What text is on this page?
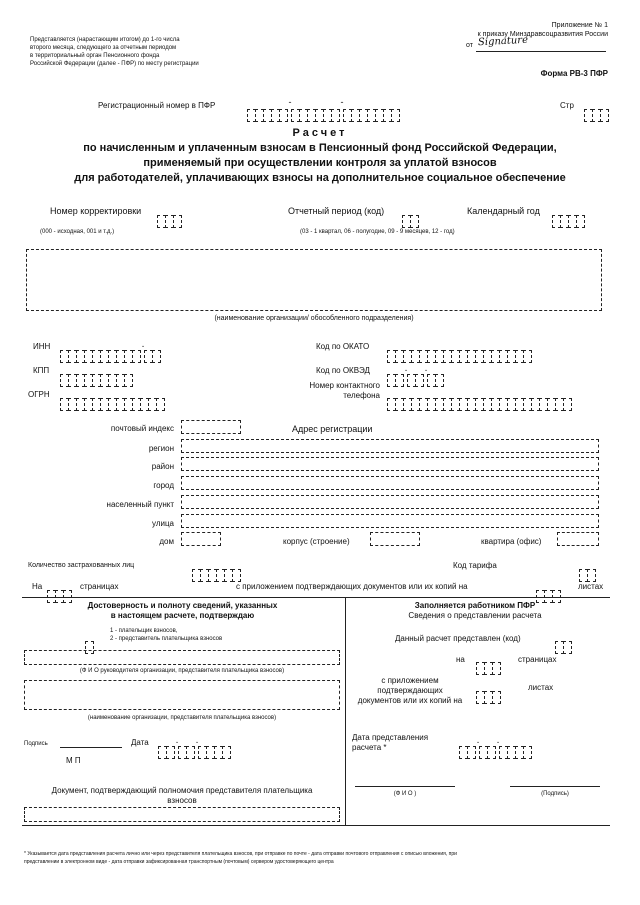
Представляется (нарастающим итогом) до 1-го числа
второго месяца, следующего за отчетным периодом
в территориальный орган Пенсионного фонда
Российской Федерации (далее - ПФР) по месту регистрации
Приложение № 1
к приказу Минздравсоцразвития России
от Signature
Форма РВ-3 ПФР
Регистрационный номер в ПФР	-	-	Стр
Расчет
по начисленным и уплаченным взносам в Пенсионный фонд Российской Федерации,
применяемый при осуществлении контроля за уплатой взносов
для работодателей, уплачивающих взносы на дополнительное социальное обеспечение
Номер корректировки	Отчетный период (код)	Календарный год
(000 - исходная, 001 и т.д.)	(03 - 1 квартал, 06 - полугодие, 09 - 9 месяцев, 12 - год)
(наименование организации/ обособленного подразделения)
ИНН	.	Код по ОКАТО
КПП	Код по ОКВЭД	. .
ОГРН
Номер контактного
телефона
почтовый индекс	Адрес регистрации
регион
район
город
населенный пункт
улица
дом	корпус (строение)	квартира (офис)
Количество застрахованных лиц	Код тарифа
На	страницах	с приложением подтверждающих документов или их копий на	листах
Достоверность и полноту сведений, указанных
в настоящем расчете, подтверждаю
1 - плательщик взносов,
2 - представитель плательщика взносов
(Ф И О руководителя организации, представителя плательщика взносов)
(наименование организации, представителя плательщика взносов)
Подпись	Дата	. .
М П
Документ, подтверждающий полномочия представителя плательщика
взносов
Заполняется работником ПФР
Сведения о представлении расчета
Данный расчет представлен (код)
на	страницах
с приложением
подтверждающих
документов или их копий на
листах
Дата представления
расчета *
. .
(Ф И О )	(Подпись)
* Указывается дата представления расчета лично или через представителя плательщика взносов, при отправке по почте - дата отправки почтового отправления с описью вложения, при
представлении в электронном виде - дата отправки зафиксированная транспортным (почтовым) сервером удостоверяющего центра
